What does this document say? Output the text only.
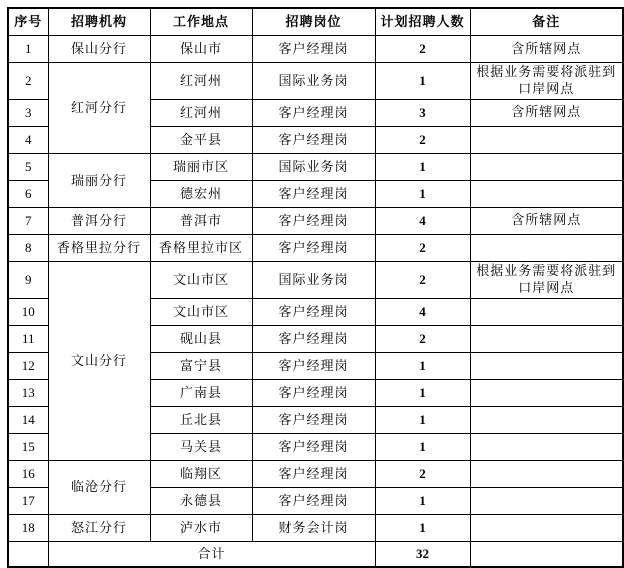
序号	招聘机构	工作地点	招聘岗位	计划招聘人数	备注
1	保山分行	保山市	客户经理岗	2	含所辖网点
2	红河分行	红河州	国际业务岗	1	根据业务需要将派驻到口岸网点
3		红河州	客户经理岗	3	含所辖网点
4		金平县	客户经理岗	2	
5	瑞丽分行	瑞丽市区	国际业务岗	1	
6		德宏州	客户经理岗	1	
7	普洱分行	普洱市	客户经理岗	4	含所辖网点
8	香格里拉分行	香格里拉市区	客户经理岗	2	
9	文山分行	文山市区	国际业务岗	2	根据业务需要将派驻到口岸网点
10		文山市区	客户经理岗	4	
11		砚山县	客户经理岗	2	
12		富宁县	客户经理岗	1	
13		广南县	客户经理岗	1	
14		丘北县	客户经理岗	1	
15		马关县	客户经理岗	1	
16	临沧分行	临翔区	客户经理岗	2	
17		永德县	客户经理岗	1	
18	怒江分行	泸水市	财务会计岗	1	
	合计			32	
